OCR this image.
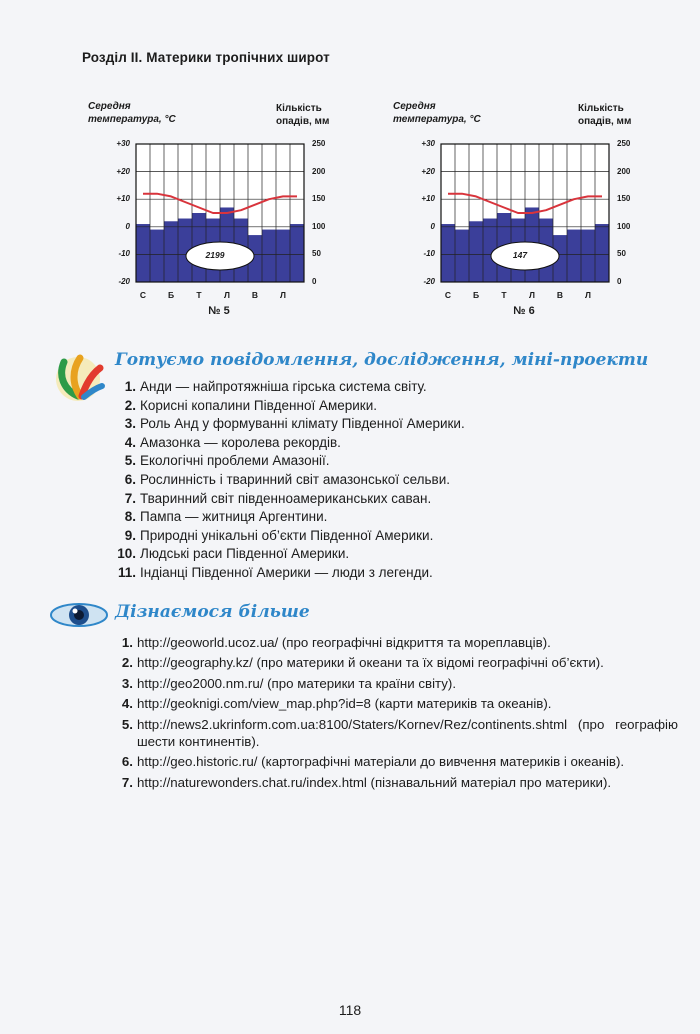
Розділ ІІ. Материки тропічних широт
Середня
температура, °С
Кількість
опадів, мм
2199
№ 5
+30
+20
+10
0
-10
-20
250
200
150
100
50
0
С	Б	Т	Л	В	Л
Середня
температура, °С
Кількість
опадів, мм
147
№ 6
+30
+20
+10
0
-10
-20
250
200
150
100
50
0
С	Б	Т	Л	В	Л
Готуємо повідомлення, дослідження, міні-проекти
1. Анди — найпротяжніша гірська система світу.
2. Корисні копалини Південної Америки.
3. Роль Анд у формуванні клімату Південної Америки.
4. Амазонка — королева рекордів.
5. Екологічні проблеми Амазонії.
6. Рослинність і тваринний світ амазонської сельви.
7. Тваринний світ південноамериканських саван.
8. Пампа — житниця Аргентини.
9. Природні унікальні об’єкти Південної Америки.
10. Людські раси Південної Америки.
11. Індіанці Південної Америки — люди з легенди.
Дізнаємося більше
1. http://geoworld.ucoz.ua/ (про географічні відкриття та мореплавців).
2. http://geography.kz/ (про материки й океани та їх відомі географічні об’єкти).
3. http://geo2000.nm.ru/ (про материки та країни світу).
4. http://geoknigi.com/view_map.php?id=8 (карти материків та океанів).
5. http://news2.ukrinform.com.ua:8100/Staters/Kornev/Rez/continents.shtml (про географію шести континентів).
6. http://geo.historic.ru/ (картографічні матеріали до вивчення материків і океанів).
7. http://naturewonders.chat.ru/index.html (пізнавальний матеріал про материки).
118
